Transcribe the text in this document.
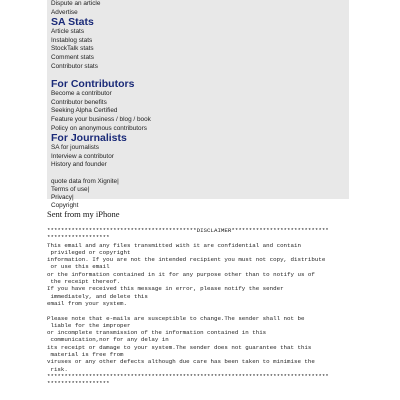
Dispute an article
Advertise
SA Stats
Article stats
Instablog stats
StockTalk stats
Comment stats
Contributor stats
For Contributors
Become a contributor
Contributor benefits
Seeking Alpha Certified
Feature your business / blog / book
Policy on anonymous contributors
For Journalists
SA for journalists
Interview a contributor
History and founder
quote data from Xignite|
Terms of use|
Privacy|
Copyright
Sent from my iPhone
*******************************************DISCLAIMER****************************
******************
This email and any files transmitted with it are confidential and contain
privileged or copyright
information. If you are not the intended recipient you must not copy, distribute
or use this email
or the information contained in it for any purpose other than to notify us of
the receipt thereof.
If you have received this message in error, please notify the sender
immediately, and delete this
email from your system.

Please note that e-mails are susceptible to change.The sender shall not be
liable for the improper
or incomplete transmission of the information contained in this
communication,nor for any delay in
its receipt or damage to your system.The sender does not guarantee that this
material is free from
viruses or any other defects although due care has been taken to minimise the
risk.
*********************************************************************************
******************
